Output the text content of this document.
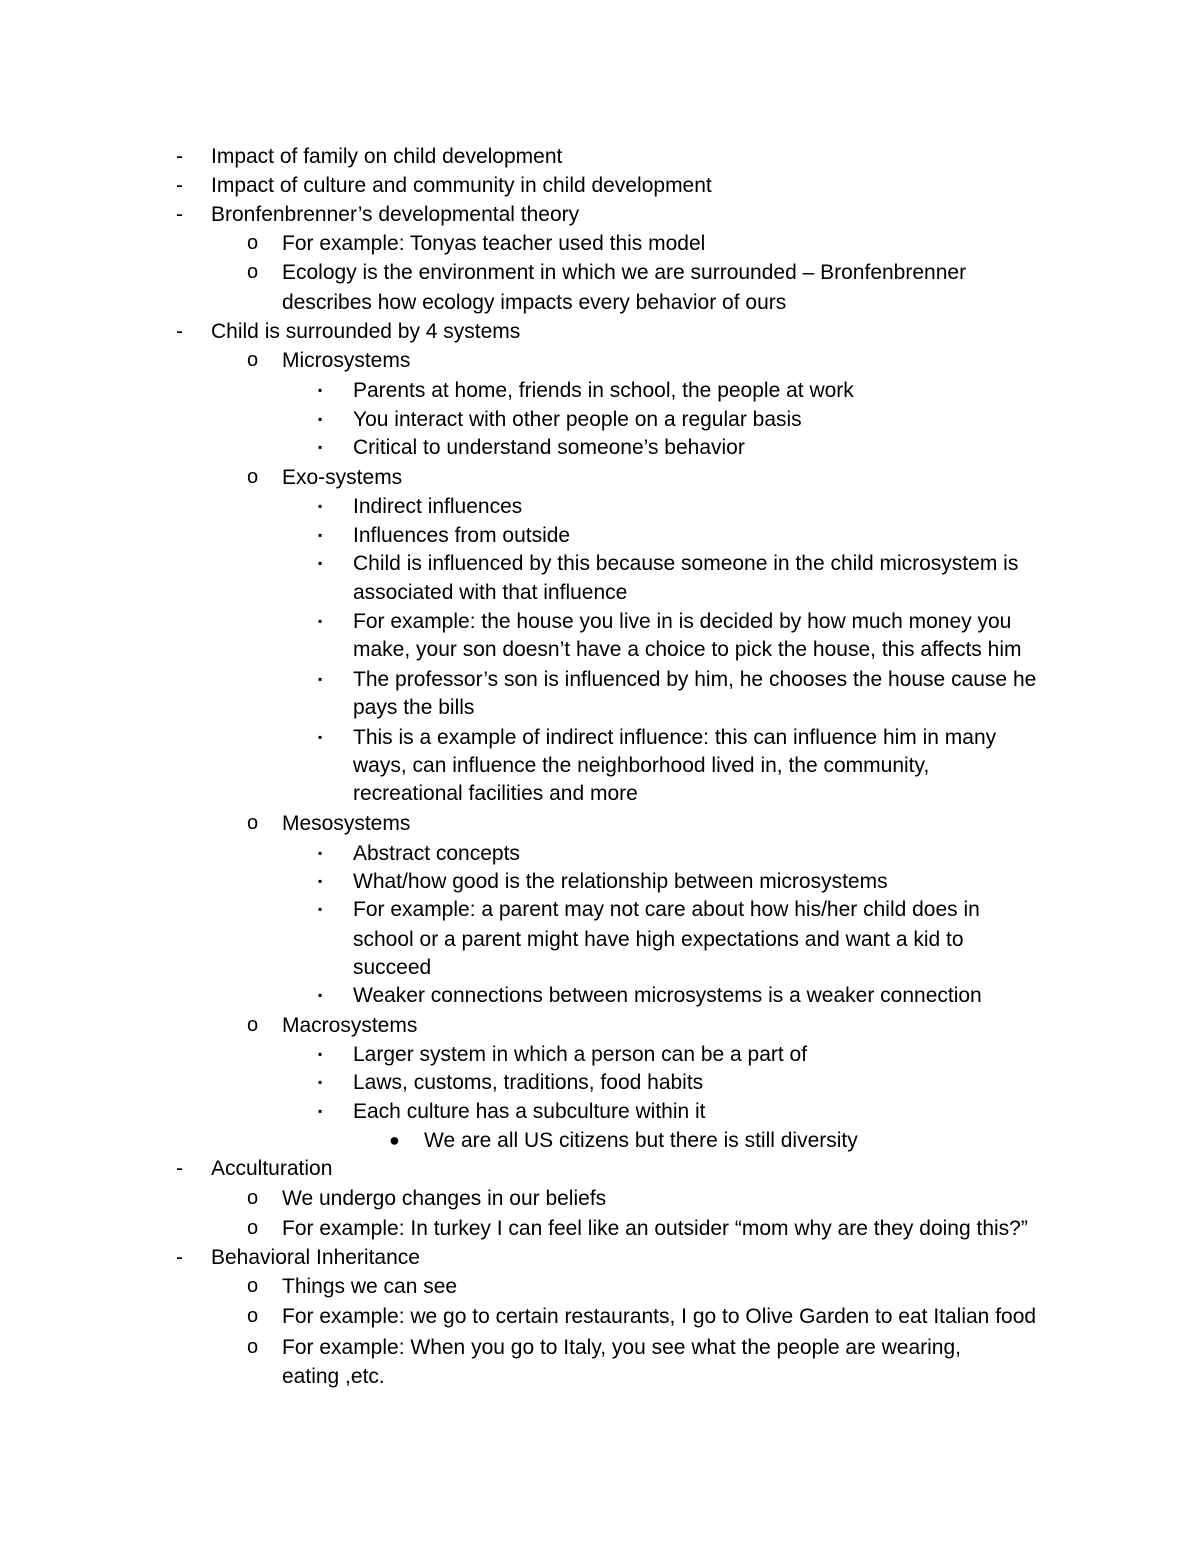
- Impact of family on child development
- Impact of culture and community in child development
- Bronfenbrenner’s developmental theory
o For example: Tonyas teacher used this model
o Ecology is the environment in which we are surrounded – Bronfenbrenner
describes how ecology impacts every behavior of ours
- Child is surrounded by 4 systems
o Microsystems
▪ Parents at home, friends in school, the people at work
▪ You interact with other people on a regular basis
▪ Critical to understand someone’s behavior
o Exo-systems
▪ Indirect influences
▪ Influences from outside
▪ Child is influenced by this because someone in the child microsystem is
associated with that influence
▪ For example: the house you live in is decided by how much money you
make, your son doesn’t have a choice to pick the house, this affects him
▪ The professor’s son is influenced by him, he chooses the house cause he
pays the bills
▪ This is a example of indirect influence: this can influence him in many
ways, can influence the neighborhood lived in, the community,
recreational facilities and more
o Mesosystems
▪ Abstract concepts
▪ What/how good is the relationship between microsystems
▪ For example: a parent may not care about how his/her child does in
school or a parent might have high expectations and want a kid to
succeed
▪ Weaker connections between microsystems is a weaker connection
o Macrosystems
▪ Larger system in which a person can be a part of
▪ Laws, customs, traditions, food habits
▪ Each culture has a subculture within it
● We are all US citizens but there is still diversity
- Acculturation
o We undergo changes in our beliefs
o For example: In turkey I can feel like an outsider “mom why are they doing this?”
- Behavioral Inheritance
o Things we can see
o For example: we go to certain restaurants, I go to Olive Garden to eat Italian food
o For example: When you go to Italy, you see what the people are wearing,
eating ,etc.
